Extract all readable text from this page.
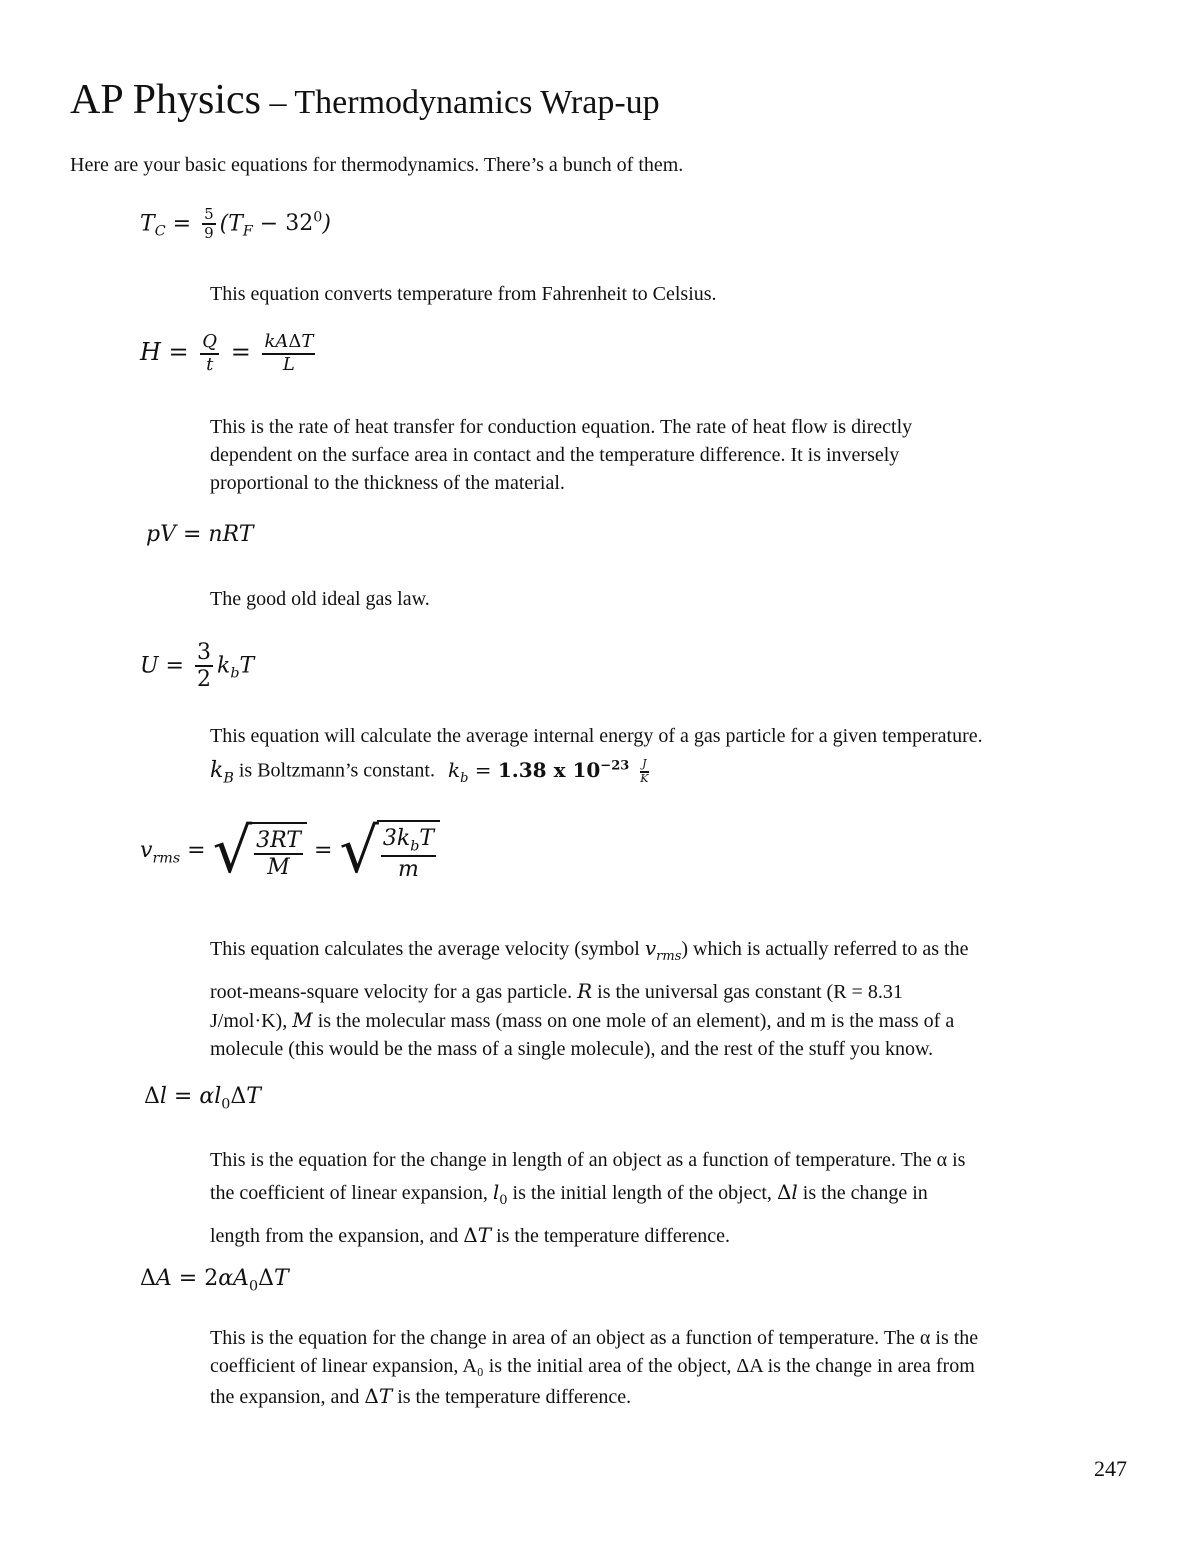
AP Physics – Thermodynamics Wrap-up
Here are your basic equations for thermodynamics. There’s a bunch of them.
$T_C = \frac{5}{9} (T_F - 32^0)$
This equation converts temperature from Fahrenheit to Celsius.
$H = \frac{Q}{t} = \frac{\text{kAΔT}}{L}$
This is the rate of heat transfer for conduction equation. The rate of heat flow is directly
dependent on the surface area in contact and the temperature difference. It is inversely
proportional to the thickness of the material.
pV = nRT
The good old ideal gas law.
$U = \frac{3}{2} k_bT$
This equation will calculate the average internal energy of a gas particle for a given temperature.
$k_B$ is Boltzmann’s constant. $k_b = 1.38$ x $10^{-23} \frac{J}{K}$
$v_{rms}$ = √ $\frac{3RT}{M}$ = √ $\frac{3k_bT}{m}$
This equation calculates the average velocity (symbol $v_{rms}$) which is actually referred to as the
root-means-square velocity for a gas particle. R is the universal gas constant (R = 8.31
J/mol·K), M is the molecular mass (mass on one mole of an element), and m is the mass of a
molecule (this would be the mass of a single molecule), and the rest of the stuff you know.
$\Delta l = \alpha l_0\Delta T$
This is the equation for the change in length of an object as a function of temperature. The α is
the coefficient of linear expansion, $l_0$ is the initial length of the object, Δl is the change in
length from the expansion, and ΔT is the temperature difference.
$\Delta A = 2\alpha A_0\Delta T$
This is the equation for the change in area of an object as a function of temperature. The α is the
coefficient of linear expansion, A₀ is the initial area of the object, ΔA is the change in area from
the expansion, and ΔT is the temperature difference.
247
